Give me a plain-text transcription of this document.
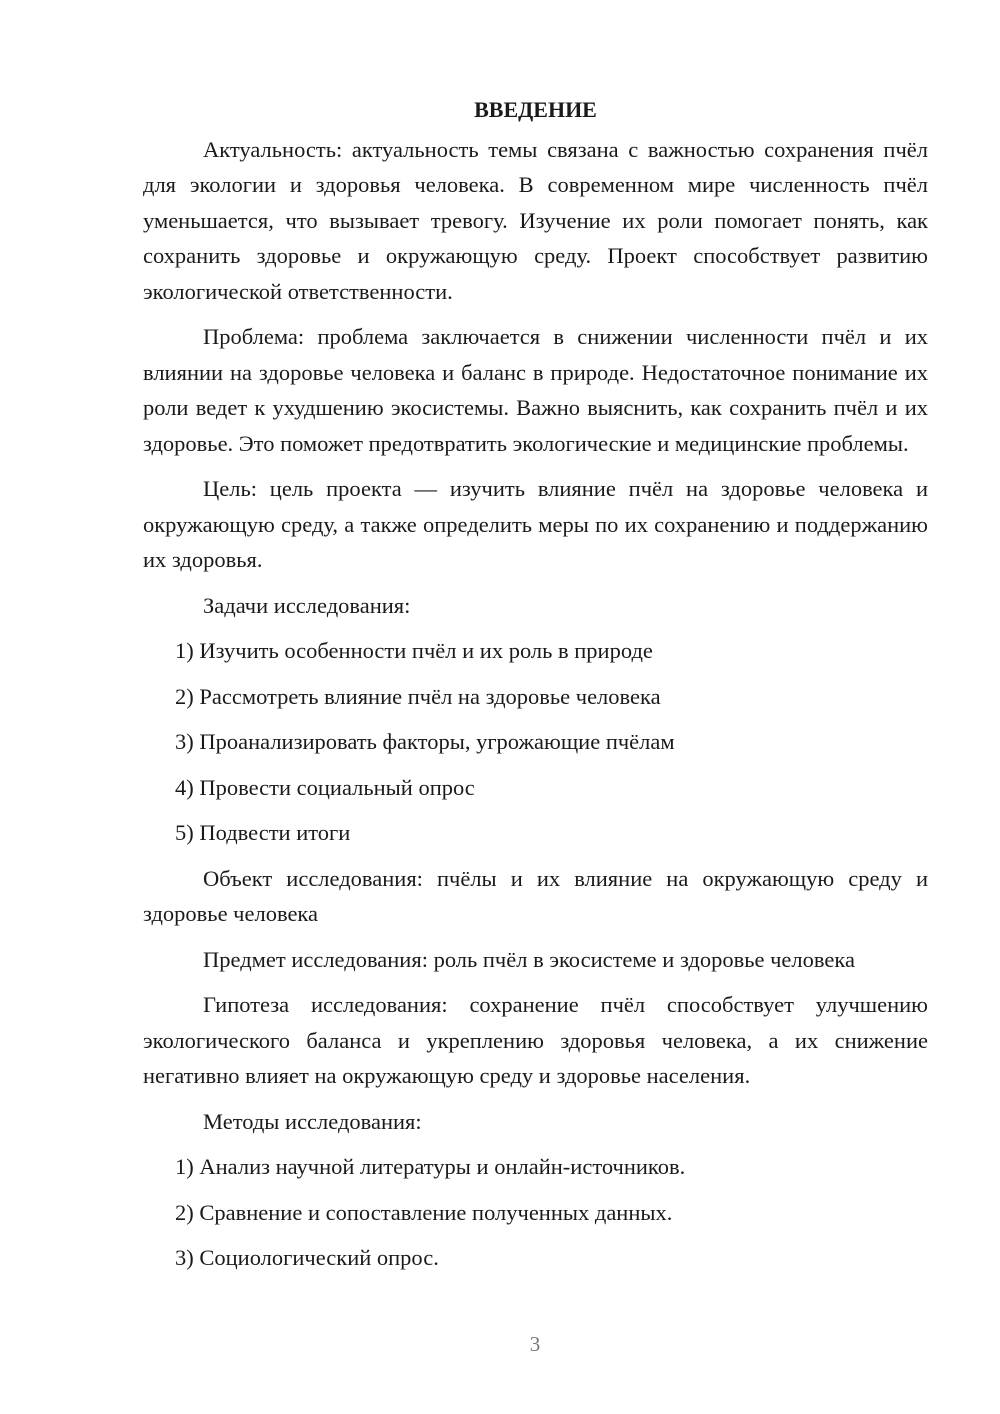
ВВЕДЕНИЕ

Актуальность: актуальность темы связана с важностью сохранения пчёл для экологии и здоровья человека. В современном мире численность пчёл уменьшается, что вызывает тревогу. Изучение их роли помогает понять, как сохранить здоровье и окружающую среду. Проект способствует развитию экологической ответственности.

Проблема: проблема заключается в снижении численности пчёл и их влиянии на здоровье человека и баланс в природе. Недостаточное понимание их роли ведет к ухудшению экосистемы. Важно выяснить, как сохранить пчёл и их здоровье. Это поможет предотвратить экологические и медицинские проблемы.

Цель: цель проекта — изучить влияние пчёл на здоровье человека и окружающую среду, а также определить меры по их сохранению и поддержанию их здоровья.

Задачи исследования:

1) Изучить особенности пчёл и их роль в природе

2) Рассмотреть влияние пчёл на здоровье человека

3) Проанализировать факторы, угрожающие пчёлам

4) Провести социальный опрос

5) Подвести итоги

Объект исследования: пчёлы и их влияние на окружающую среду и здоровье человека

Предмет исследования: роль пчёл в экосистеме и здоровье человека

Гипотеза исследования: сохранение пчёл способствует улучшению экологического баланса и укреплению здоровья человека, а их снижение негативно влияет на окружающую среду и здоровье населения.

Методы исследования:

1) Анализ научной литературы и онлайн-источников.

2) Сравнение и сопоставление полученных данных.

3) Социологический опрос.

3
